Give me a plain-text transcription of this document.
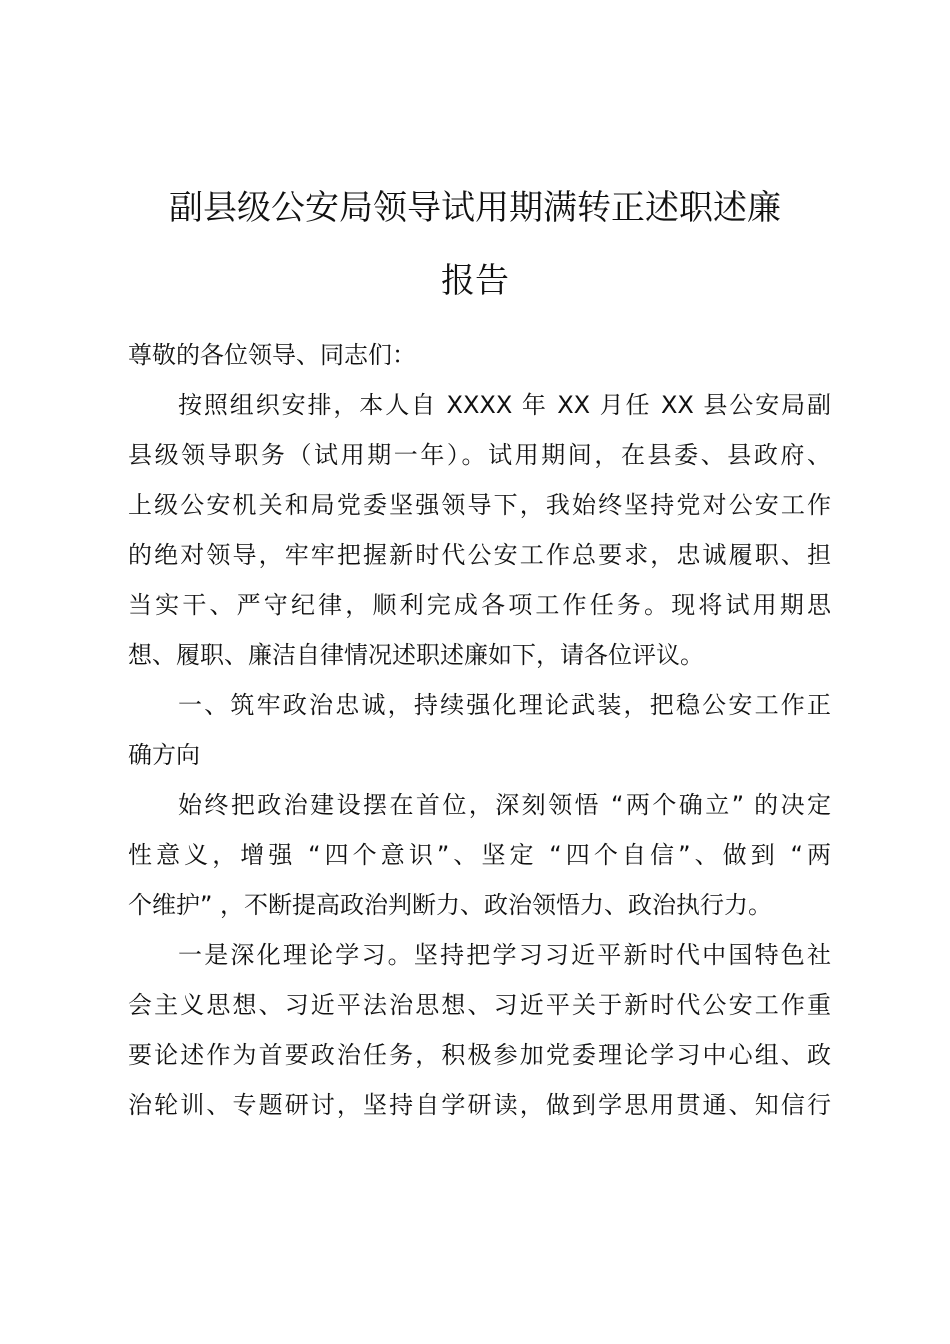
副县级公安局领导试用期满转正述职述廉
报告
尊敬的各位领导、同志们：
按照组织安排，本人自 XXXX 年 XX 月任 XX 县公安局副
县级领导职务（试用期一年）。试用期间，在县委、县政府、
上级公安机关和局党委坚强领导下，我始终坚持党对公安工作
的绝对领导，牢牢把握新时代公安工作总要求，忠诚履职、担
当实干、严守纪律，顺利完成各项工作任务。现将试用期思
想、履职、廉洁自律情况述职述廉如下，请各位评议。
一、筑牢政治忠诚，持续强化理论武装，把稳公安工作正
确方向
始终把政治建设摆在首位，深刻领悟 “两个确立” 的决定
性意义，增强 “四个意识”、坚定 “四个自信”、做到 “两
个维护” ，不断提高政治判断力、政治领悟力、政治执行力。
一是深化理论学习。坚持把学习习近平新时代中国特色社
会主义思想、习近平法治思想、习近平关于新时代公安工作重
要论述作为首要政治任务，积极参加党委理论学习中心组、政
治轮训、专题研讨，坚持自学研读，做到学思用贯通、知信行
